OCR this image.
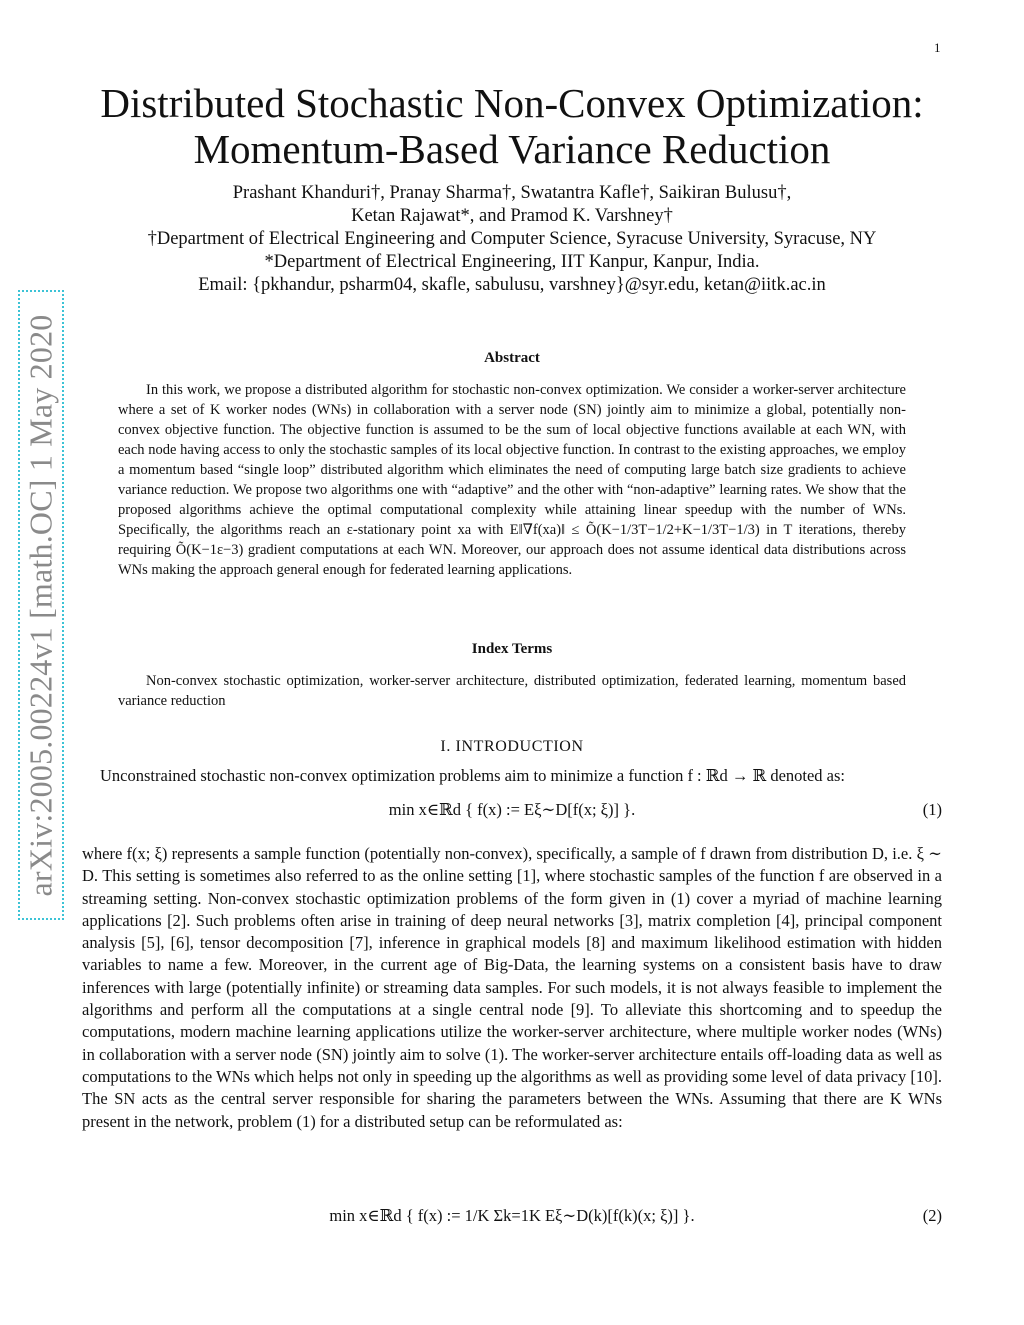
1
arXiv:2005.00224v1 [math.OC] 1 May 2020
Distributed Stochastic Non-Convex Optimization:
Momentum-Based Variance Reduction
Prashant Khanduri†, Pranay Sharma†, Swatantra Kafle†, Saikiran Bulusu†,
Ketan Rajawat*, and Pramod K. Varshney†
†Department of Electrical Engineering and Computer Science, Syracuse University, Syracuse, NY
*Department of Electrical Engineering, IIT Kanpur, Kanpur, India.
Email: {pkhandur, psharm04, skafle, sabulusu, varshney}@syr.edu, ketan@iitk.ac.in
Abstract
In this work, we propose a distributed algorithm for stochastic non-convex optimization. We consider a worker-server architecture where a set of K worker nodes (WNs) in collaboration with a server node (SN) jointly aim to minimize a global, potentially non-convex objective function. The objective function is assumed to be the sum of local objective functions available at each WN, with each node having access to only the stochastic samples of its local objective function. In contrast to the existing approaches, we employ a momentum based “single loop” distributed algorithm which eliminates the need of computing large batch size gradients to achieve variance reduction. We propose two algorithms one with “adaptive” and the other with “non-adaptive” learning rates. We show that the proposed algorithms achieve the optimal computational complexity while attaining linear speedup with the number of WNs. Specifically, the algorithms reach an ε-stationary point xa with E‖∇f(xa)‖ ≤ Õ(K−1/3T−1/2+K−1/3T−1/3) in T iterations, thereby requiring Õ(K−1ε−3) gradient computations at each WN. Moreover, our approach does not assume identical data distributions across WNs making the approach general enough for federated learning applications.
Index Terms
Non-convex stochastic optimization, worker-server architecture, distributed optimization, federated learning, momentum based variance reduction
I. INTRODUCTION
Unconstrained stochastic non-convex optimization problems aim to minimize a function f : ℝd → ℝ denoted as:
min x∈ℝd { f(x) := Eξ∼D[f(x; ξ)] }.	(1)
where f(x; ξ) represents a sample function (potentially non-convex), specifically, a sample of f drawn from distribution D, i.e. ξ ∼ D. This setting is sometimes also referred to as the online setting [1], where stochastic samples of the function f are observed in a streaming setting. Non-convex stochastic optimization problems of the form given in (1) cover a myriad of machine learning applications [2]. Such problems often arise in training of deep neural networks [3], matrix completion [4], principal component analysis [5], [6], tensor decomposition [7], inference in graphical models [8] and maximum likelihood estimation with hidden variables to name a few. Moreover, in the current age of Big-Data, the learning systems on a consistent basis have to draw inferences with large (potentially infinite) or streaming data samples. For such models, it is not always feasible to implement the algorithms and perform all the computations at a single central node [9]. To alleviate this shortcoming and to speedup the computations, modern machine learning applications utilize the worker-server architecture, where multiple worker nodes (WNs) in collaboration with a server node (SN) jointly aim to solve (1). The worker-server architecture entails off-loading data as well as computations to the WNs which helps not only in speeding up the algorithms as well as providing some level of data privacy [10]. The SN acts as the central server responsible for sharing the parameters between the WNs. Assuming that there are K WNs present in the network, problem (1) for a distributed setup can be reformulated as:
min x∈ℝd { f(x) := 1/K Σk=1K Eξ∼D(k)[f(k)(x; ξ)] }.	(2)
